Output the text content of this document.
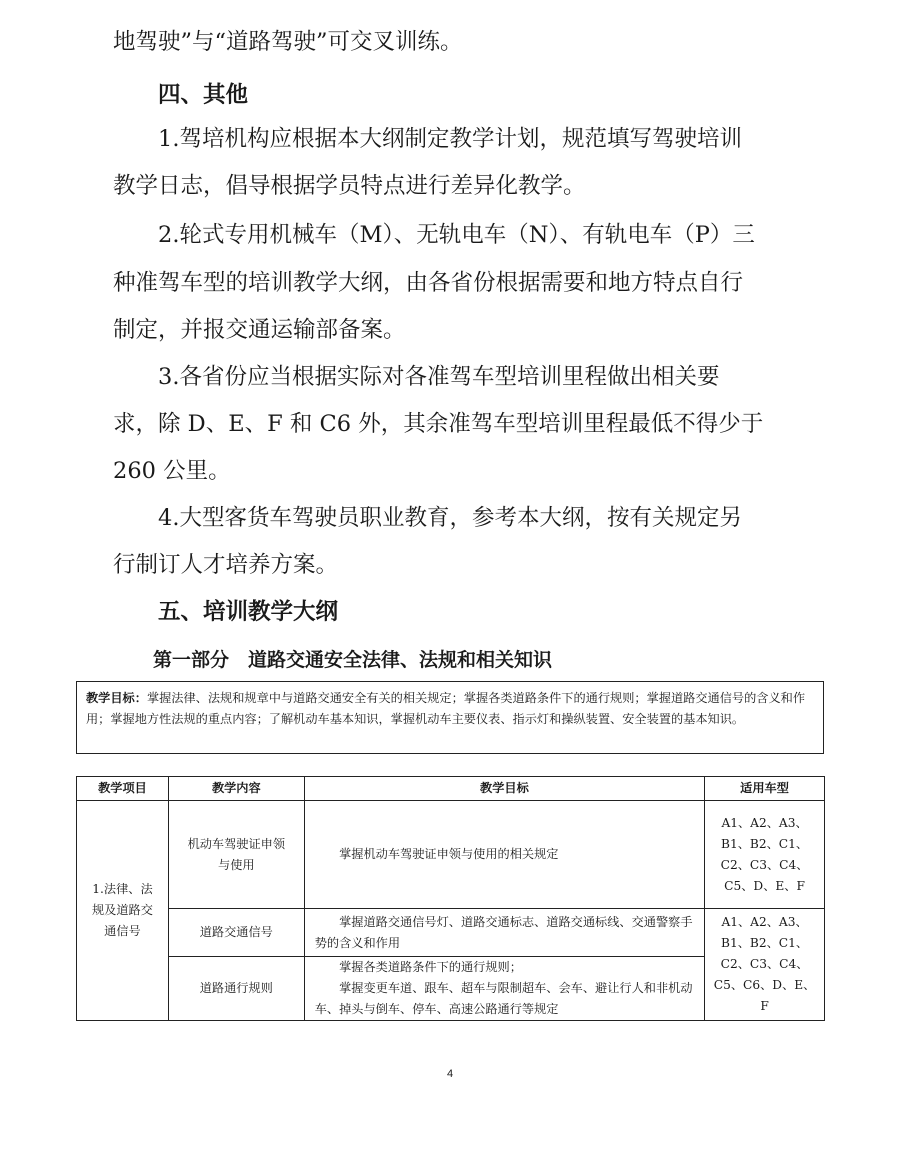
地驾驶”与“道路驾驶”可交叉训练。
四、其他
1.驾培机构应根据本大纲制定教学计划，规范填写驾驶培训
教学日志，倡导根据学员特点进行差异化教学。
2.轮式专用机械车（M）、无轨电车（N）、有轨电车（P）三
种准驾车型的培训教学大纲，由各省份根据需要和地方特点自行
制定，并报交通运输部备案。
3.各省份应当根据实际对各准驾车型培训里程做出相关要
求，除 D、E、F 和 C6 外，其余准驾车型培训里程最低不得少于
260 公里。
4.大型客货车驾驶员职业教育，参考本大纲，按有关规定另
行制订人才培养方案。
五、培训教学大纲
第一部分　道路交通安全法律、法规和相关知识
教学目标：掌握法律、法规和规章中与道路交通安全有关的相关规定；掌握各类道路条件下的通行规则；掌握道路交通信号的含义和作用；掌握地方性法规的重点内容；了解机动车基本知识，掌握机动车主要仪表、指示灯和操纵装置、安全装置的基本知识。
教学项目	教学内容	教学目标	适用车型
1.法律、法规及道路交通信号	机动车驾驶证申领与使用	掌握机动车驾驶证申领与使用的相关规定	A1、A2、A3、B1、B2、C1、C2、C3、C4、C5、D、E、F
	道路交通信号	掌握道路交通信号灯、道路交通标志、道路交通标线、交通警察手势的含义和作用	A1、A2、A3、B1、B2、C1、C2、C3、C4、C5、C6、D、E、F
	道路通行规则	掌握各类道路条件下的通行规则；
掌握变更车道、跟车、超车与限制超车、会车、避让行人和非机动车、掉头与倒车、停车、高速公路通行等规定	
4
